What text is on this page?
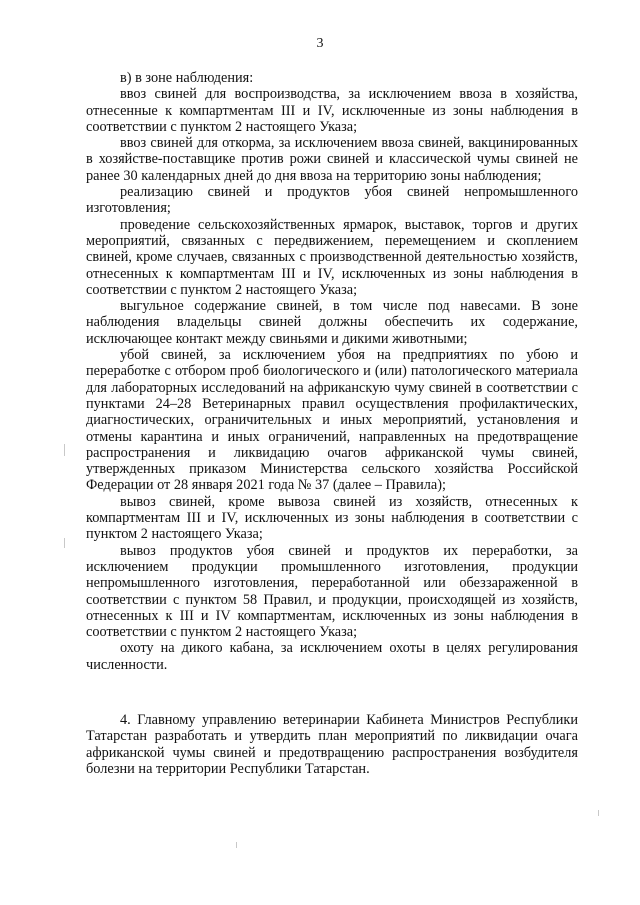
3

в) в зоне наблюдения:

ввоз свиней для воспроизводства, за исключением ввоза в хозяйства, отнесенные к компартментам III и IV, исключенные из зоны наблюдения в соответствии с пунктом 2 настоящего Указа;

ввоз свиней для откорма, за исключением ввоза свиней, вакцинированных в хозяйстве-поставщике против рожи свиней и классической чумы свиней не ранее 30 календарных дней до дня ввоза на территорию зоны наблюдения;

реализацию свиней и продуктов убоя свиней непромышленного изготовления;

проведение сельскохозяйственных ярмарок, выставок, торгов и других мероприятий, связанных с передвижением, перемещением и скоплением свиней, кроме случаев, связанных с производственной деятельностью хозяйств, отнесенных к компартментам III и IV, исключенных из зоны наблюдения в соответствии с пунктом 2 настоящего Указа;

выгульное содержание свиней, в том числе под навесами. В зоне наблюдения владельцы свиней должны обеспечить их содержание, исключающее контакт между свиньями и дикими животными;

убой свиней, за исключением убоя на предприятиях по убою и переработке с отбором проб биологического и (или) патологического материала для лабораторных исследований на африканскую чуму свиней в соответствии с пунктами 24–28 Ветеринарных правил осуществления профилактических, диагностических, ограничительных и иных мероприятий, установления и отмены карантина и иных ограничений, направленных на предотвращение распространения и ликвидацию очагов африканской чумы свиней, утвержденных приказом Министерства сельского хозяйства Российской Федерации от 28 января 2021 года № 37 (далее – Правила);

вывоз свиней, кроме вывоза свиней из хозяйств, отнесенных к компартментам III и IV, исключенных из зоны наблюдения в соответствии с пунктом 2 настоящего Указа;

вывоз продуктов убоя свиней и продуктов их переработки, за исключением продукции промышленного изготовления, продукции непромышленного изготовления, переработанной или обеззараженной в соответствии с пунктом 58 Правил, и продукции, происходящей из хозяйств, отнесенных к III и IV компартментам, исключенных из зоны наблюдения в соответствии с пунктом 2 настоящего Указа;

охоту на дикого кабана, за исключением охоты в целях регулирования численности.

4. Главному управлению ветеринарии Кабинета Министров Республики Татарстан разработать и утвердить план мероприятий по ликвидации очага африканской чумы свиней и предотвращению распространения возбудителя болезни на территории Республики Татарстан.
